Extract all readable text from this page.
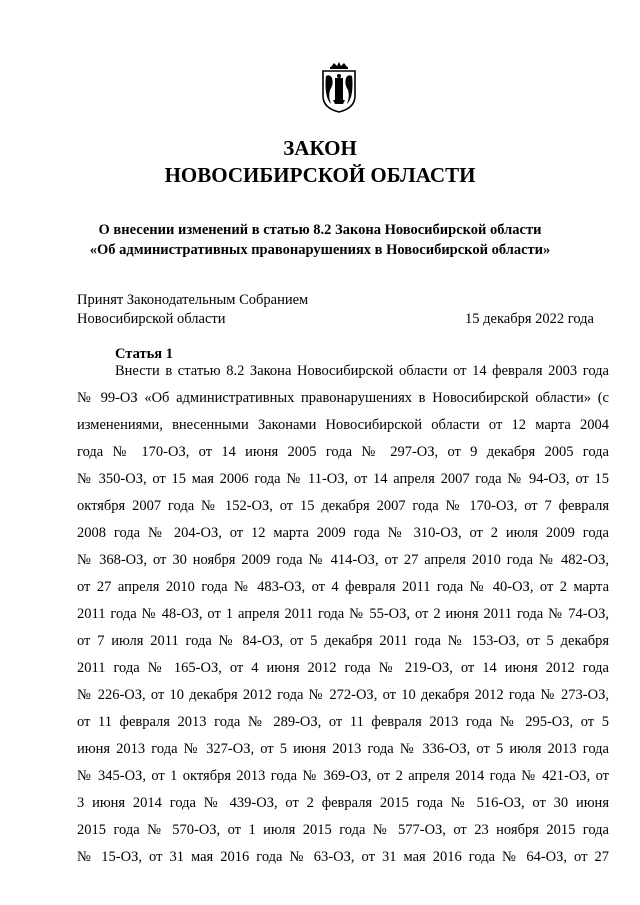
ЗАКОН
НОВОСИБИРСКОЙ ОБЛАСТИ
О внесении изменений в статью 8.2 Закона Новосибирской области
«Об административных правонарушениях в Новосибирской области»
Принят Законодательным Собранием
Новосибирской области	15 декабря 2022 года
Статья 1
Внести в статью 8.2 Закона Новосибирской области от 14 февраля 2003 года
№ 99-ОЗ «Об административных правонарушениях в Новосибирской области» (с
изменениями, внесенными Законами Новосибирской области от 12 марта 2004
года № 170-ОЗ, от 14 июня 2005 года № 297-ОЗ, от 9 декабря 2005 года
№ 350-ОЗ, от 15 мая 2006 года № 11-ОЗ, от 14 апреля 2007 года № 94-ОЗ, от 15
октября 2007 года № 152-ОЗ, от 15 декабря 2007 года № 170-ОЗ, от 7 февраля
2008 года № 204-ОЗ, от 12 марта 2009 года № 310-ОЗ, от 2 июля 2009 года
№ 368-ОЗ, от 30 ноября 2009 года № 414-ОЗ, от 27 апреля 2010 года № 482-ОЗ,
от 27 апреля 2010 года № 483-ОЗ, от 4 февраля 2011 года № 40-ОЗ, от 2 марта
2011 года № 48-ОЗ, от 1 апреля 2011 года № 55-ОЗ, от 2 июня 2011 года № 74-ОЗ,
от 7 июля 2011 года № 84-ОЗ, от 5 декабря 2011 года № 153-ОЗ, от 5 декабря
2011 года № 165-ОЗ, от 4 июня 2012 года № 219-ОЗ, от 14 июня 2012 года
№ 226-ОЗ, от 10 декабря 2012 года № 272-ОЗ, от 10 декабря 2012 года № 273-ОЗ,
от 11 февраля 2013 года № 289-ОЗ, от 11 февраля 2013 года № 295-ОЗ, от 5
июня 2013 года № 327-ОЗ, от 5 июня 2013 года № 336-ОЗ, от 5 июля 2013 года
№ 345-ОЗ, от 1 октября 2013 года № 369-ОЗ, от 2 апреля 2014 года № 421-ОЗ, от
3 июня 2014 года № 439-ОЗ, от 2 февраля 2015 года № 516-ОЗ, от 30 июня
2015 года № 570-ОЗ, от 1 июля 2015 года № 577-ОЗ, от 23 ноября 2015 года
№ 15-ОЗ, от 31 мая 2016 года № 63-ОЗ, от 31 мая 2016 года № 64-ОЗ, от 27
